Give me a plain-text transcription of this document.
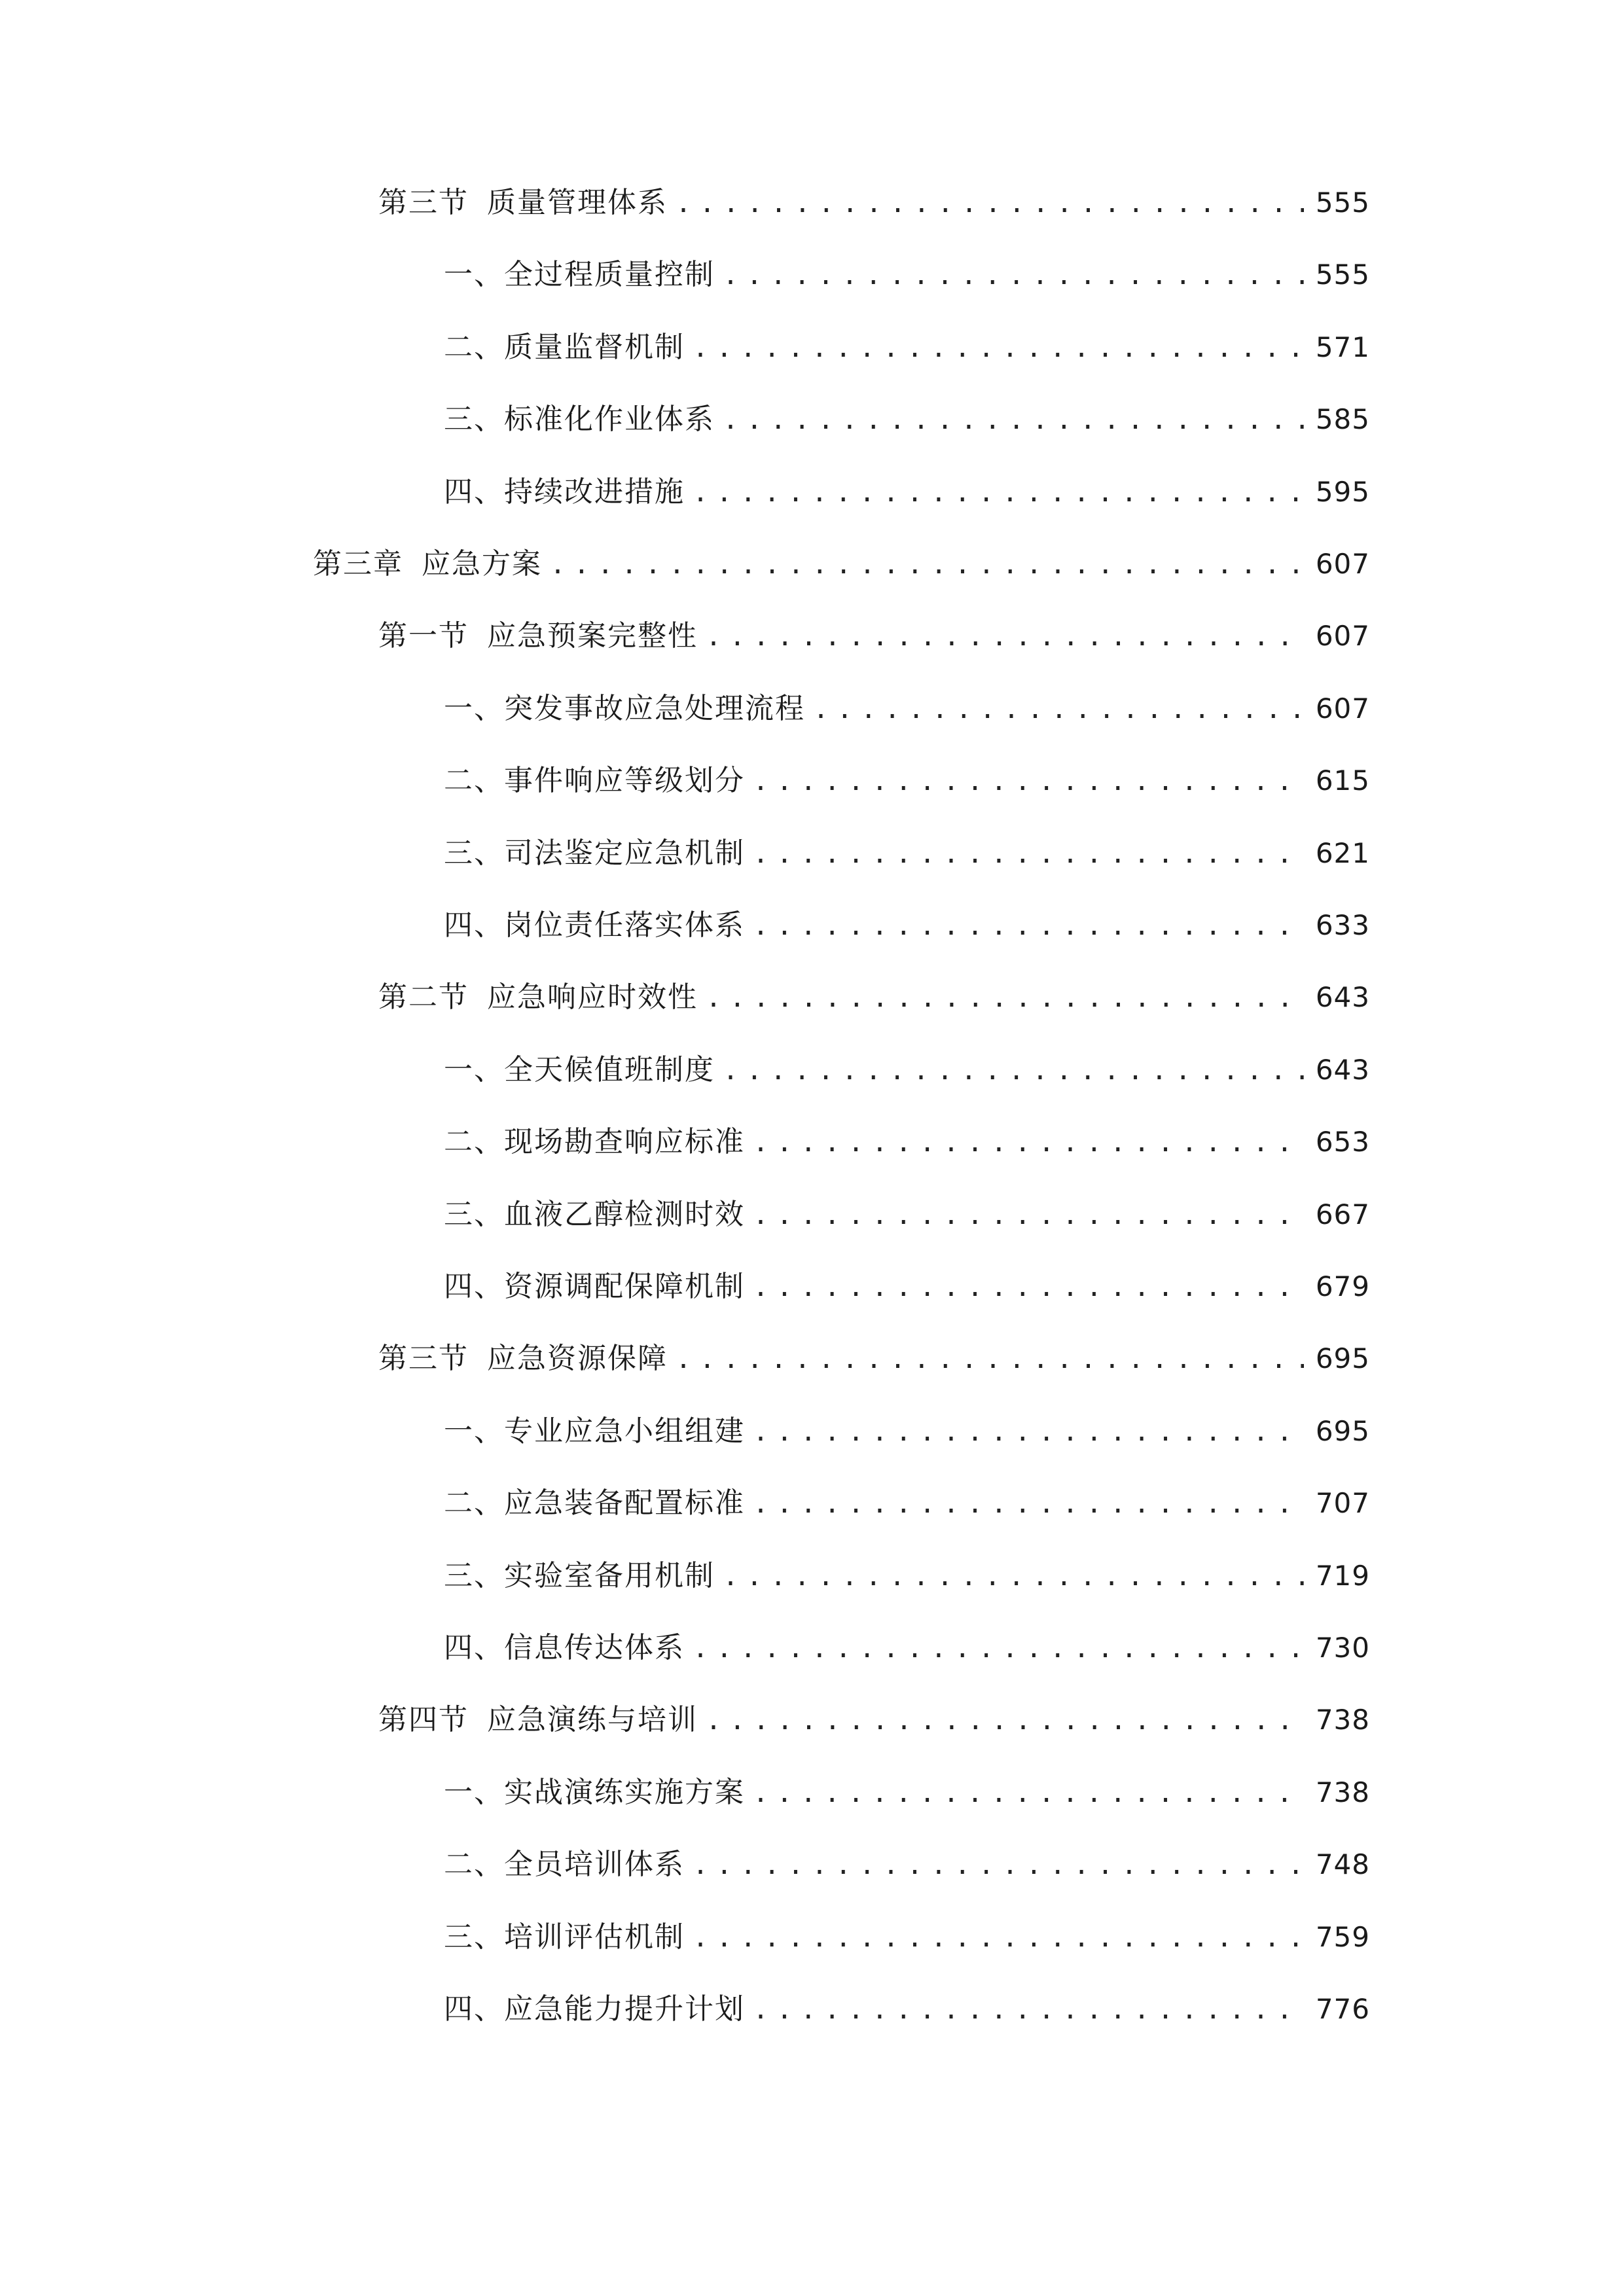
第三节 质量管理体系 .....	555
一、 全过程质量控制 .....	555
二、 质量监督机制 .....	571
三、 标准化作业体系 .....	585
四、 持续改进措施 .....	595
第三章 应急方案 .....	607
第一节 应急预案完整性 .....	607
一、 突发事故应急处理流程 .....	607
二、 事件响应等级划分 .....	615
三、 司法鉴定应急机制 .....	621
四、 岗位责任落实体系 .....	633
第二节 应急响应时效性 .....	643
一、 全天候值班制度 .....	643
二、 现场勘查响应标准 .....	653
三、 血液乙醇检测时效 .....	667
四、 资源调配保障机制 .....	679
第三节 应急资源保障 .....	695
一、 专业应急小组组建 .....	695
二、 应急装备配置标准 .....	707
三、 实验室备用机制 .....	719
四、 信息传达体系 .....	730
第四节 应急演练与培训 .....	738
一、 实战演练实施方案 .....	738
二、 全员培训体系 .....	748
三、 培训评估机制 .....	759
四、 应急能力提升计划 .....	776
